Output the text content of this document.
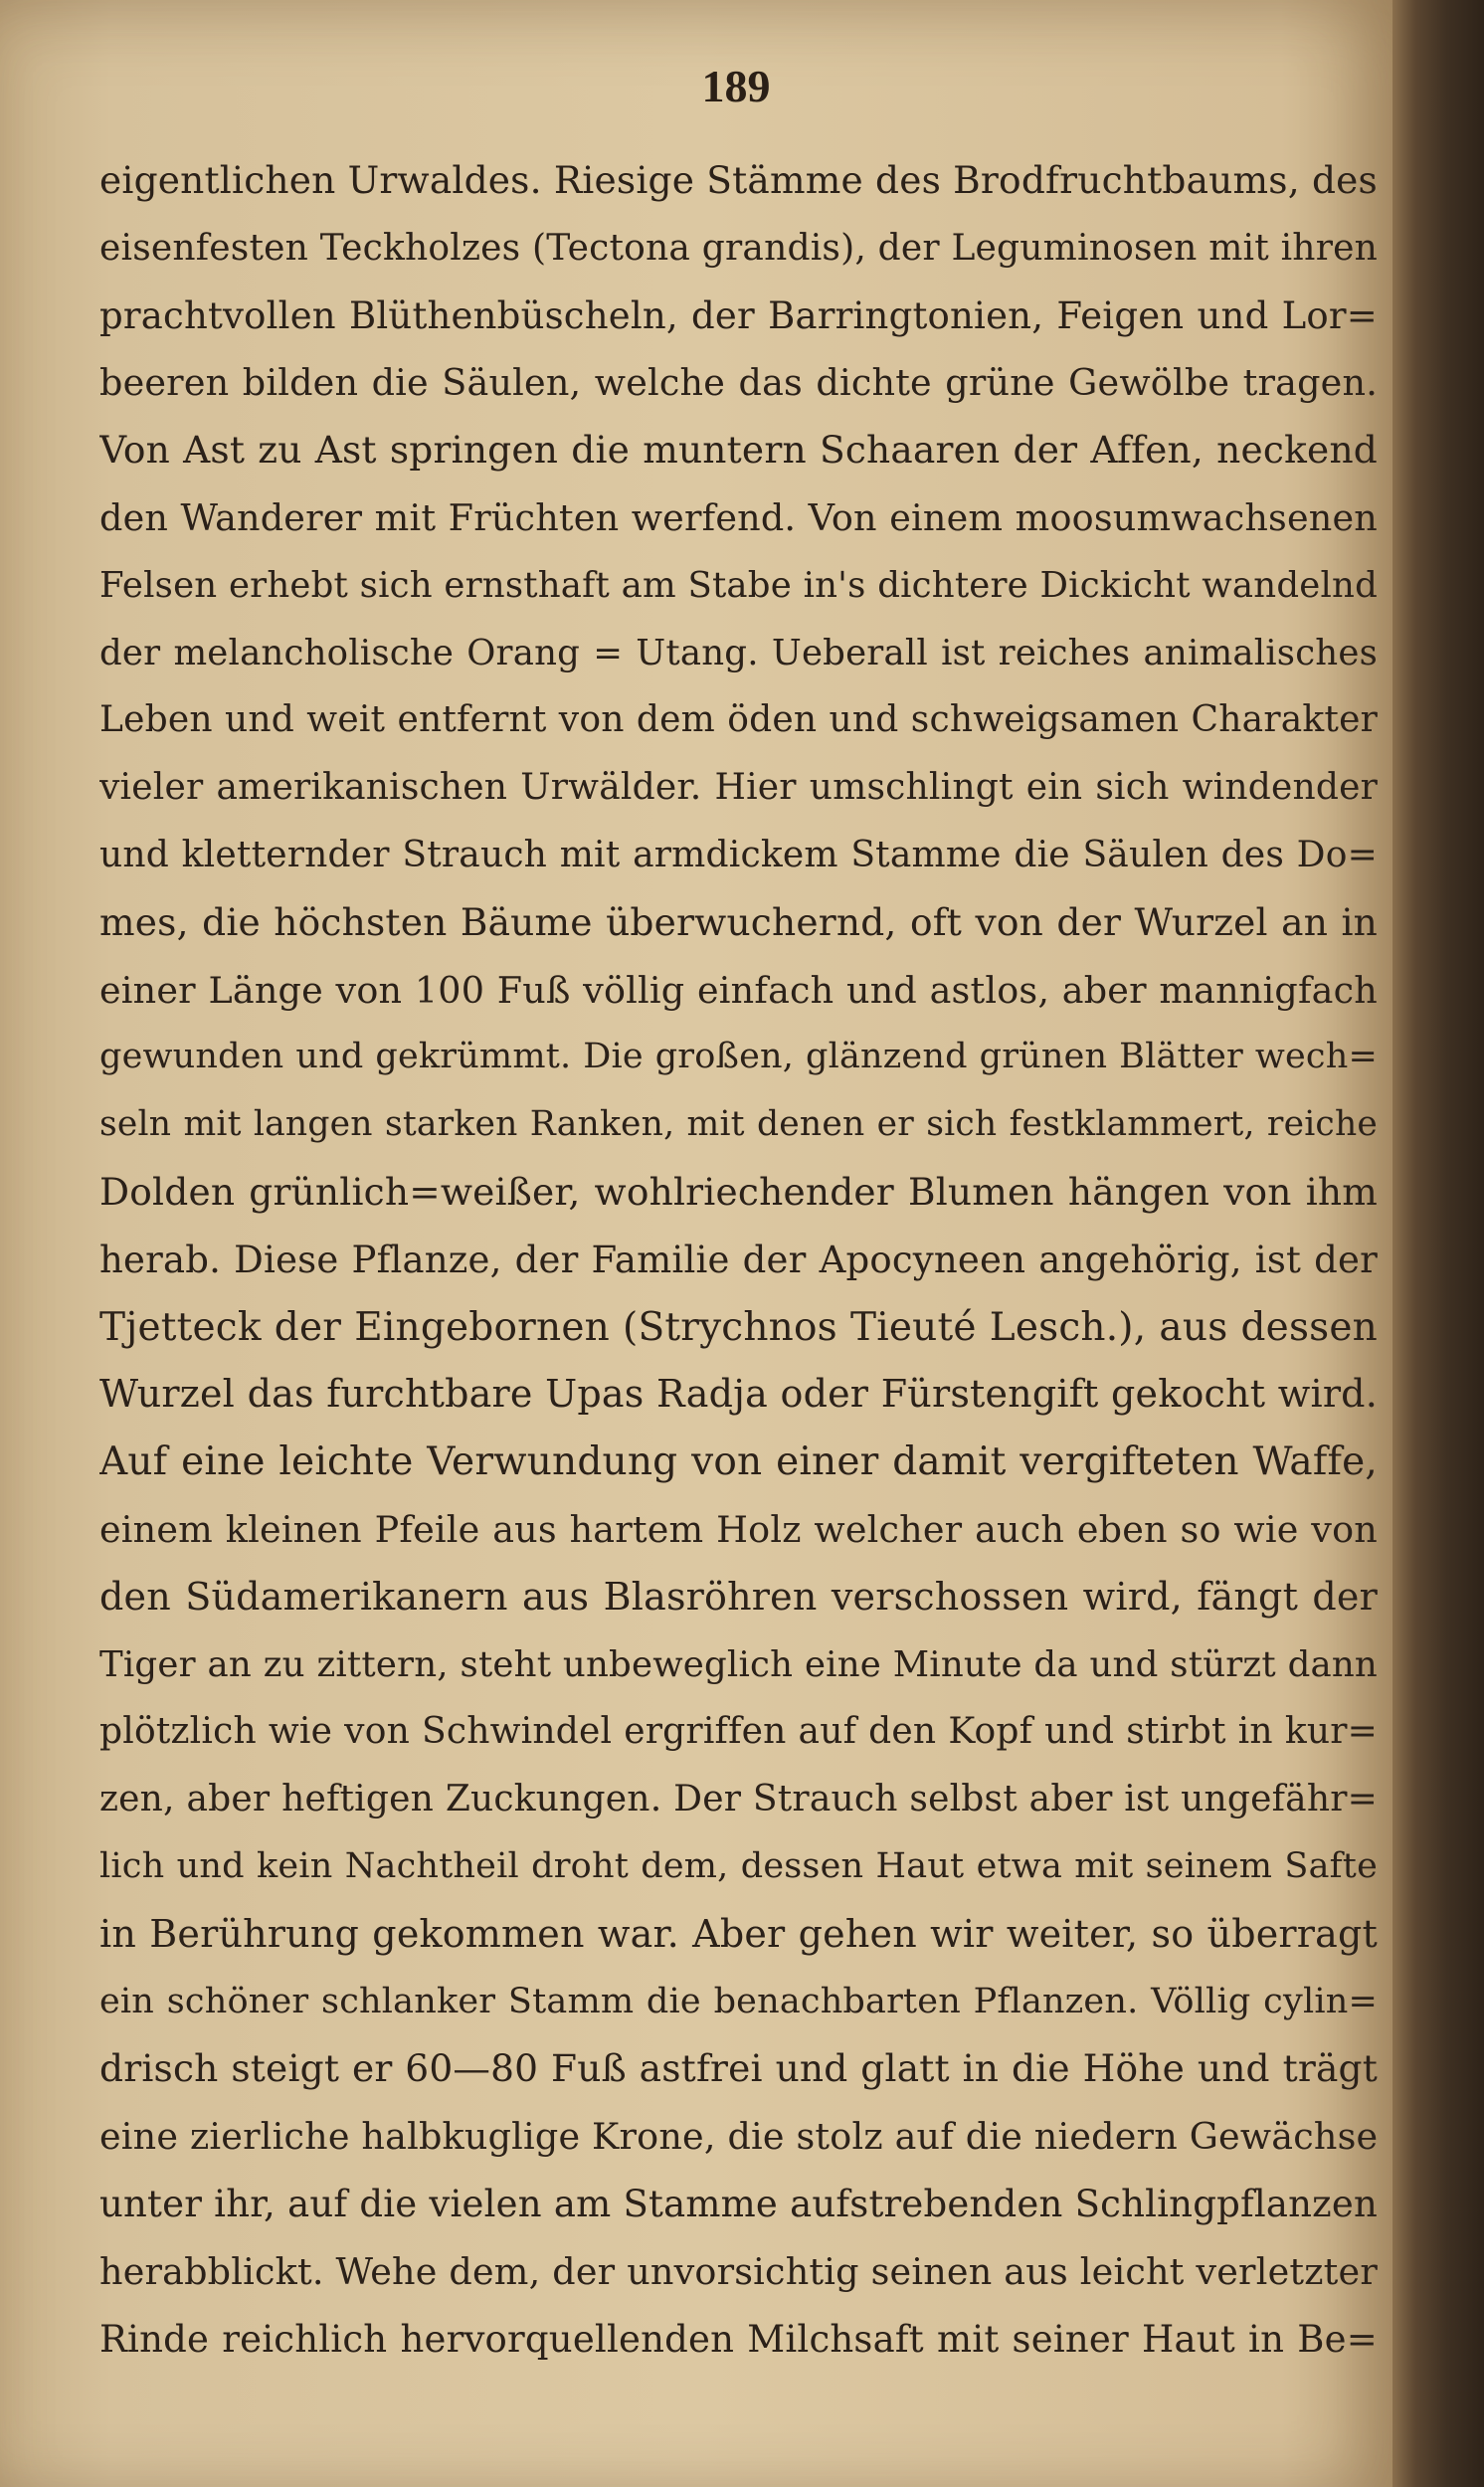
189
eigentlichen Urwaldes. Riesige Stämme des Brodfruchtbaums, des
eisenfesten Teckholzes (Tectona grandis), der Leguminosen mit ihren
prachtvollen Blüthenbüscheln, der Barringtonien, Feigen und Lor=
beeren bilden die Säulen, welche das dichte grüne Gewölbe tragen.
Von Ast zu Ast springen die muntern Schaaren der Affen, neckend
den Wanderer mit Früchten werfend. Von einem moosumwachsenen
Felsen erhebt sich ernsthaft am Stabe in's dichtere Dickicht wandelnd
der melancholische Orang = Utang. Ueberall ist reiches animalisches
Leben und weit entfernt von dem öden und schweigsamen Charakter
vieler amerikanischen Urwälder. Hier umschlingt ein sich windender
und kletternder Strauch mit armdickem Stamme die Säulen des Do=
mes, die höchsten Bäume überwuchernd, oft von der Wurzel an in
einer Länge von 100 Fuß völlig einfach und astlos, aber mannigfach
gewunden und gekrümmt. Die großen, glänzend grünen Blätter wech=
seln mit langen starken Ranken, mit denen er sich festklammert, reiche
Dolden grünlich=weißer, wohlriechender Blumen hängen von ihm
herab. Diese Pflanze, der Familie der Apocyneen angehörig, ist der
Tjetteck der Eingebornen (Strychnos Tieuté Lesch.), aus dessen
Wurzel das furchtbare Upas Radja oder Fürstengift gekocht wird.
Auf eine leichte Verwundung von einer damit vergifteten Waffe,
einem kleinen Pfeile aus hartem Holz welcher auch eben so wie von
den Südamerikanern aus Blasröhren verschossen wird, fängt der
Tiger an zu zittern, steht unbeweglich eine Minute da und stürzt dann
plötzlich wie von Schwindel ergriffen auf den Kopf und stirbt in kur=
zen, aber heftigen Zuckungen. Der Strauch selbst aber ist ungefähr=
lich und kein Nachtheil droht dem, dessen Haut etwa mit seinem Safte
in Berührung gekommen war. Aber gehen wir weiter, so überragt
ein schöner schlanker Stamm die benachbarten Pflanzen. Völlig cylin=
drisch steigt er 60—80 Fuß astfrei und glatt in die Höhe und trägt
eine zierliche halbkuglige Krone, die stolz auf die niedern Gewächse
unter ihr, auf die vielen am Stamme aufstrebenden Schlingpflanzen
herabblickt. Wehe dem, der unvorsichtig seinen aus leicht verletzter
Rinde reichlich hervorquellenden Milchsaft mit seiner Haut in Be=
